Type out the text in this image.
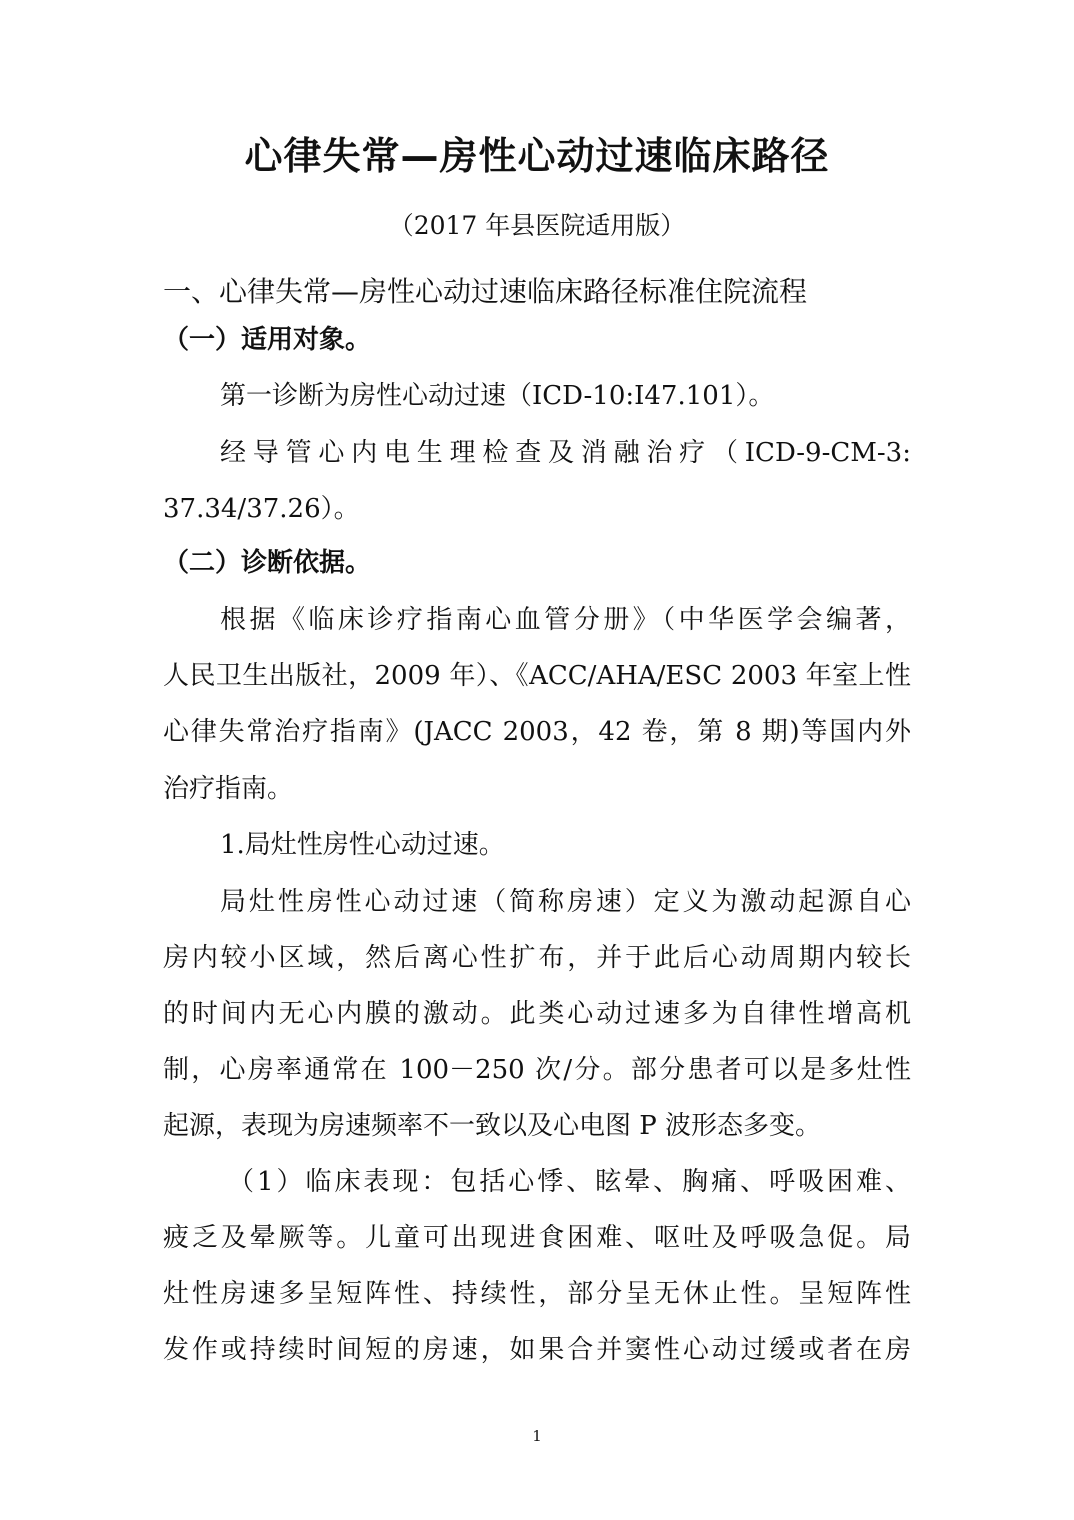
心律失常—房性心动过速临床路径
（2017 年县医院适用版）
一、心律失常—房性心动过速临床路径标准住院流程
（一）适用对象。
第一诊断为房性心动过速（ICD-10:I47.101）。
经导管心内电生理检查及消融治疗（ICD-9-CM-3:
37.34/37.26）。
（二）诊断依据。
根据《临床诊疗指南心血管分册》（中华医学会编著，
人民卫生出版社，2009 年）、《ACC/AHA/ESC 2003 年室上性
心律失常治疗指南》(JACC 2003，42 卷，第 8 期)等国内外
治疗指南。
1.局灶性房性心动过速。
局灶性房性心动过速（简称房速）定义为激动起源自心
房内较小区域，然后离心性扩布，并于此后心动周期内较长
的时间内无心内膜的激动。此类心动过速多为自律性增高机
制，心房率通常在 100－250 次/分。部分患者可以是多灶性
起源，表现为房速频率不一致以及心电图 P 波形态多变。
（1）临床表现：包括心悸、眩晕、胸痛、呼吸困难、
疲乏及晕厥等。儿童可出现进食困难、呕吐及呼吸急促。局
灶性房速多呈短阵性、持续性，部分呈无休止性。呈短阵性
发作或持续时间短的房速，如果合并窦性心动过缓或者在房
1
